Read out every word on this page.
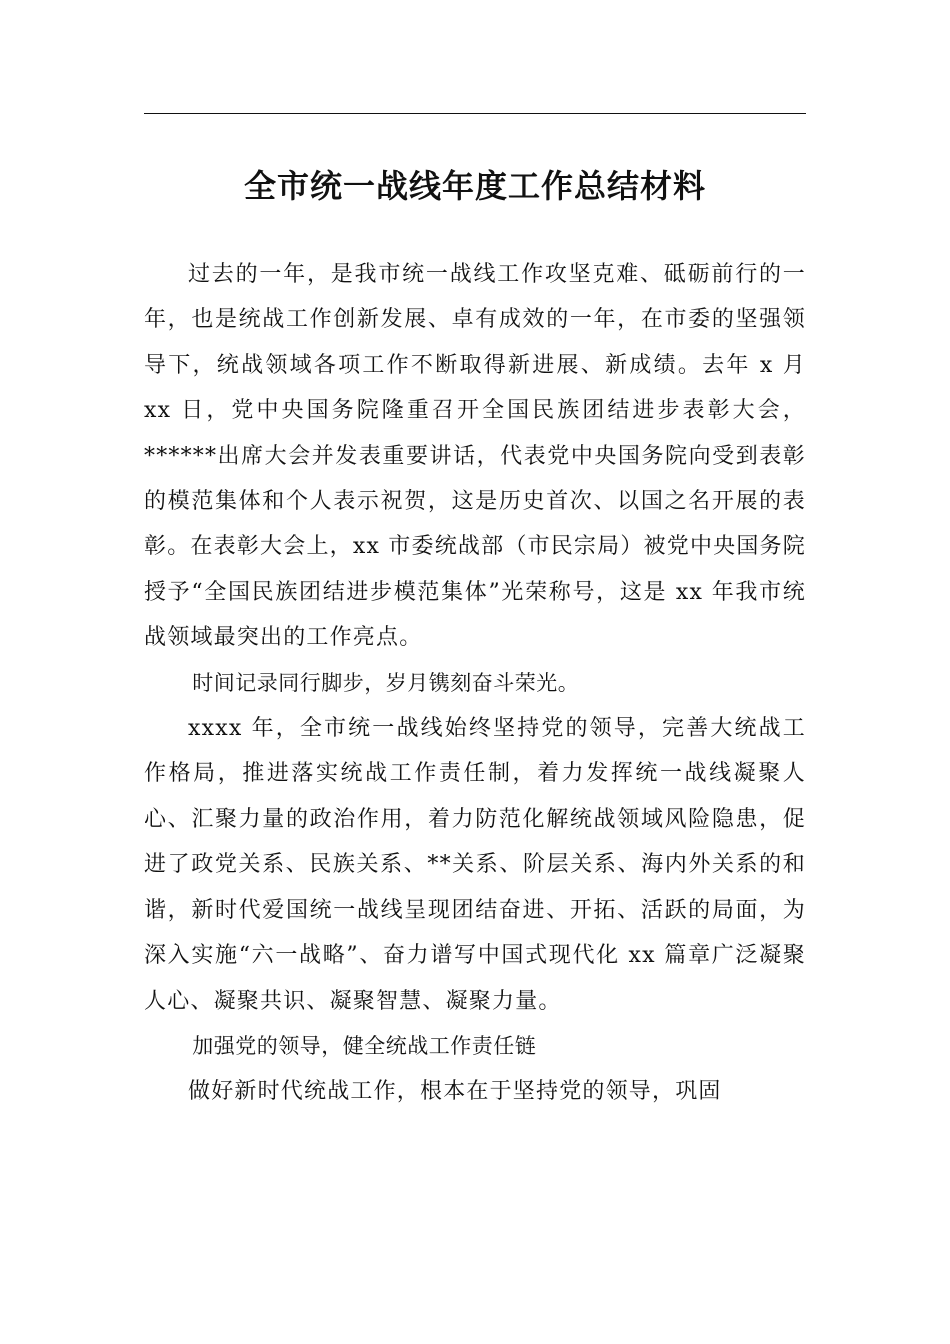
全市统一战线年度工作总结材料

过去的一年，是我市统一战线工作攻坚克难、砥砺前行的一年，也是统战工作创新发展、卓有成效的一年，在市委的坚强领导下，统战领域各项工作不断取得新进展、新成绩。去年 x 月 xx 日，党中央国务院隆重召开全国民族团结进步表彰大会，******出席大会并发表重要讲话，代表党中央国务院向受到表彰的模范集体和个人表示祝贺，这是历史首次、以国之名开展的表彰。在表彰大会上，xx 市委统战部（市民宗局）被党中央国务院授予“全国民族团结进步模范集体”光荣称号，这是 xx 年我市统战领域最突出的工作亮点。

时间记录同行脚步，岁月镌刻奋斗荣光。

xxxx 年，全市统一战线始终坚持党的领导，完善大统战工作格局，推进落实统战工作责任制，着力发挥统一战线凝聚人心、汇聚力量的政治作用，着力防范化解统战领域风险隐患，促进了政党关系、民族关系、**关系、阶层关系、海内外关系的和谐，新时代爱国统一战线呈现团结奋进、开拓、活跃的局面，为深入实施“六一战略”、奋力谱写中国式现代化 xx 篇章广泛凝聚人心、凝聚共识、凝聚智慧、凝聚力量。

加强党的领导，健全统战工作责任链

做好新时代统战工作，根本在于坚持党的领导，巩固
